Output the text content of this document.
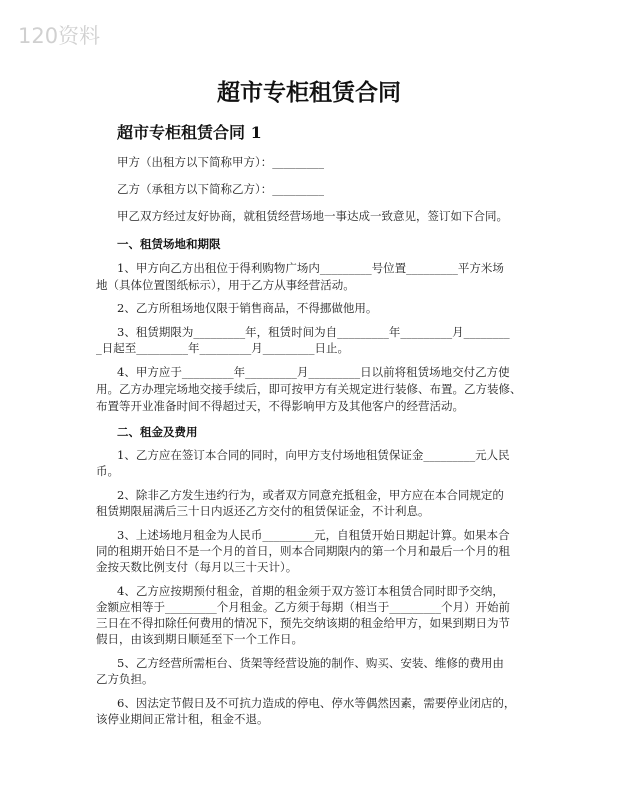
120资料
超市专柜租赁合同
超市专柜租赁合同 1
甲方（出租方以下简称甲方）：_________
乙方（承租方以下简称乙方）：_________
甲乙双方经过友好协商，就租赁经营场地一事达成一致意见，签订如下合同。
一、租赁场地和期限
1、甲方向乙方出租位于得利购物广场内_________号位置_________平方米场
地（具体位置图纸标示），用于乙方从事经营活动。
2、乙方所租场地仅限于销售商品，不得挪做他用。
3、租赁期限为_________年，租赁时间为自_________年_________月________
_日起至_________年_________月_________日止。
4、甲方应于_________年_________月_________日以前将租赁场地交付乙方使
用。乙方办理完场地交接手续后，即可按甲方有关规定进行装修、布置。乙方装修、
布置等开业准备时间不得超过天，不得影响甲方及其他客户的经营活动。
二、租金及费用
1、乙方应在签订本合同的同时，向甲方支付场地租赁保证金_________元人民
币。
2、除非乙方发生违约行为，或者双方同意充抵租金，甲方应在本合同规定的
租赁期限届满后三十日内返还乙方交付的租赁保证金，不计利息。
3、上述场地月租金为人民币_________元，自租赁开始日期起计算。如果本合
同的租期开始日不是一个月的首日，则本合同期限内的第一个月和最后一个月的租
金按天数比例支付（每月以三十天计）。
4、乙方应按期预付租金，首期的租金须于双方签订本租赁合同时即予交纳，
金额应相等于_________个月租金。乙方须于每期（相当于_________个月）开始前
三日在不得扣除任何费用的情况下，预先交纳该期的租金给甲方，如果到期日为节
假日，由该到期日顺延至下一个工作日。
5、乙方经营所需柜台、货架等经营设施的制作、购买、安装、维修的费用由
乙方负担。
6、因法定节假日及不可抗力造成的停电、停水等偶然因素，需要停业闭店的，
该停业期间正常计租，租金不退。
